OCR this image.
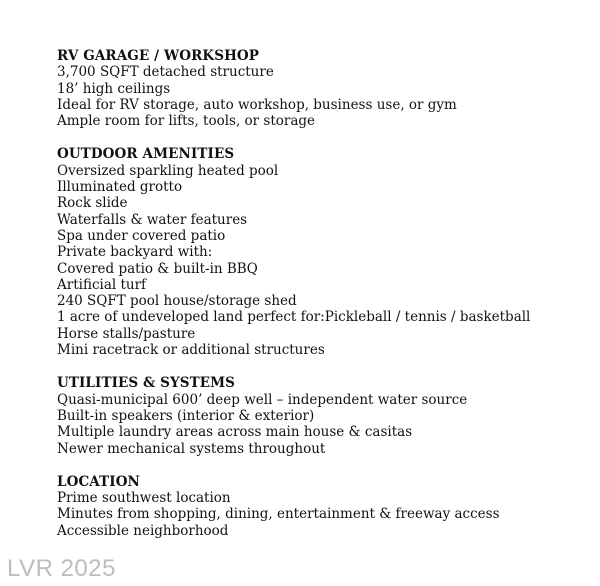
RV GARAGE / WORKSHOP

3,700 SQFT detached structure

18’ high ceilings

Ideal for RV storage, auto workshop, business use, or gym

Ample room for lifts, tools, or storage

OUTDOOR AMENITIES

Oversized sparkling heated pool

Illuminated grotto

Rock slide

Waterfalls & water features

Spa under covered patio

Private backyard with:

Covered patio & built-in BBQ

Artificial turf

240 SQFT pool house/storage shed

1 acre of undeveloped land perfect for:Pickleball / tennis / basketball

Horse stalls/pasture

Mini racetrack or additional structures

UTILITIES & SYSTEMS

Quasi-municipal 600’ deep well – independent water source

Built-in speakers (interior & exterior)

Multiple laundry areas across main house & casitas

Newer mechanical systems throughout

LOCATION

Prime southwest location

Minutes from shopping, dining, entertainment & freeway access

Accessible neighborhood

LVR 2025
